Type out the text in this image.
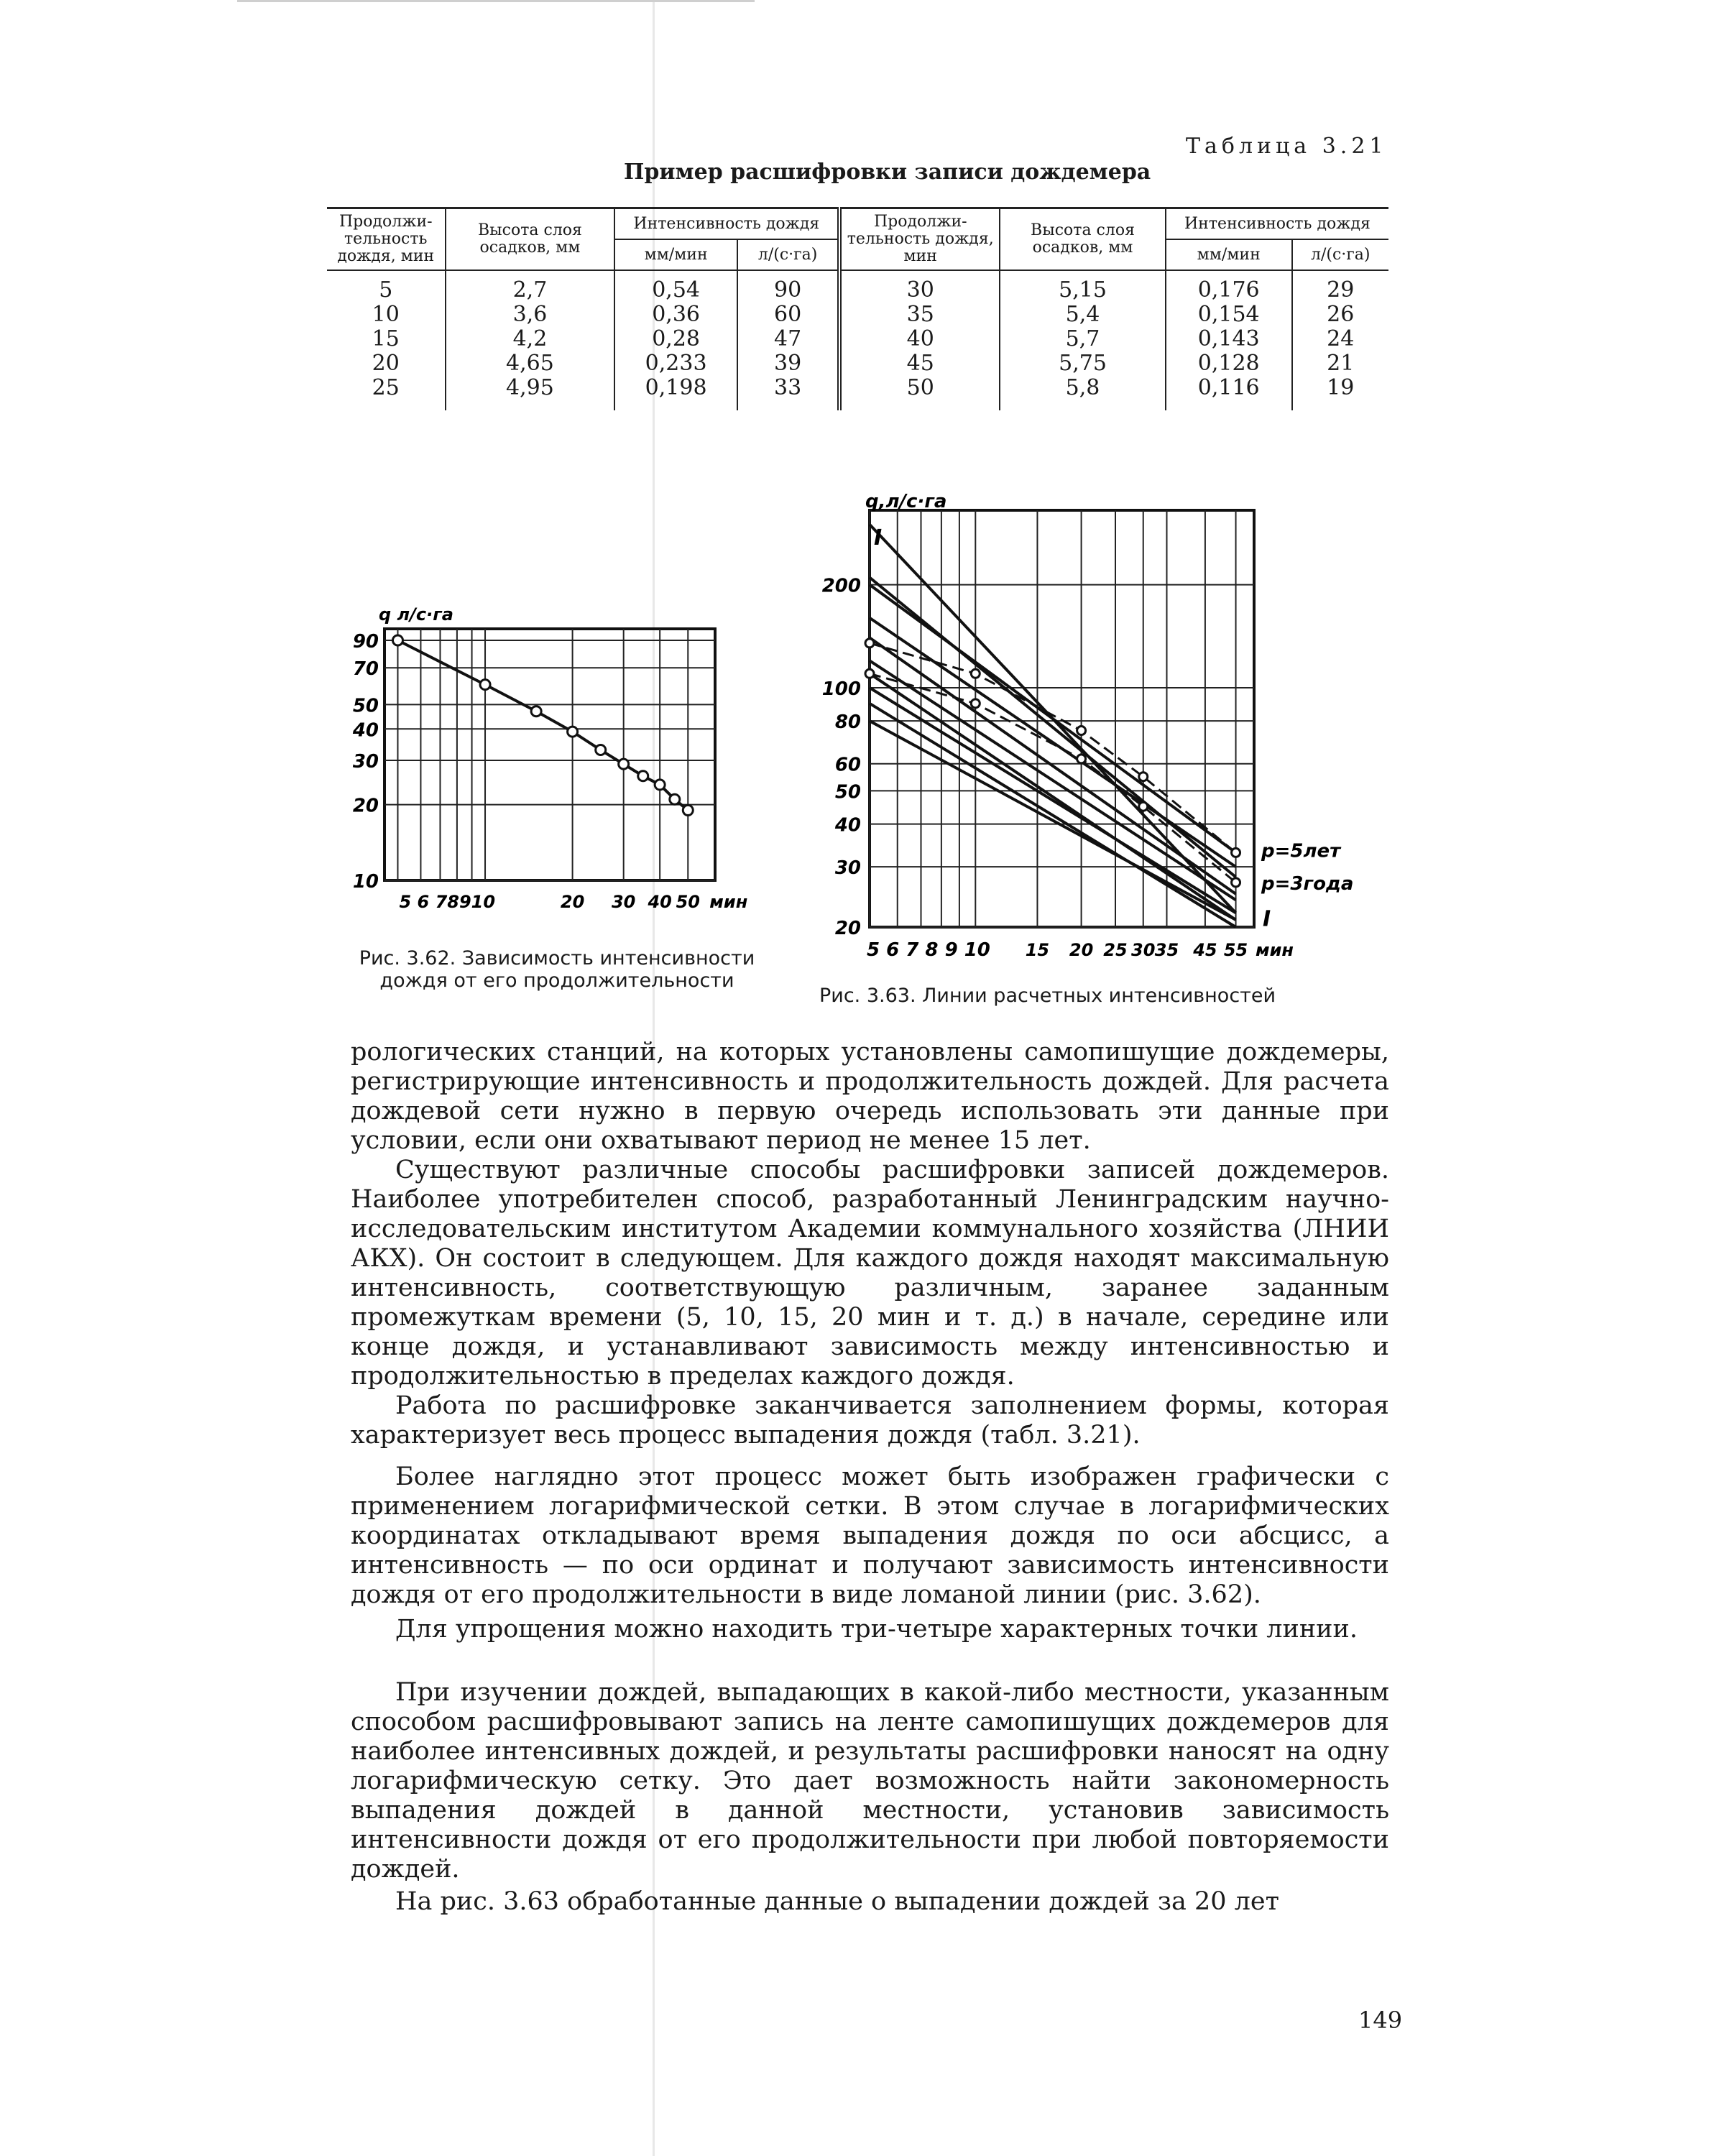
Таблица 3.21
Пример расшифровки записи дождемера
Продолжи-тельность дождя, мин	Высота слоя осадков, мм	Интенсивность дождя		Продолжи-тельность дождя, мин	Высота слоя осадков, мм	Интенсивность дождя	
		мм/мин	л/(с·га)			мм/мин	л/(с·га)
5	2,7	0,54	90	30	5,15	0,176	29
10	3,6	0,36	60	35	5,4	0,154	26
15	4,2	0,28	47	40	5,7	0,143	24
20	4,65	0,233	39	45	5,75	0,128	21
25	4,95	0,198	33	50	5,8	0,116	19
90
70
50
40
30
20
10
q л/с·га
5 6 78910	20 30 40 50 мин
200
100
80
60
50
40
30
20
q,л/с·га
5 6 7 8 9 10 15 20 25 30 35 45 55 мин
I
р=5лет
р=3года
I
Рис. 3.62. Зависимость интенсивности дождя от его продолжительности
Рис. 3.63. Линии расчетных интенсивностей

рологических станций, на которых установлены самопишущие дождемеры, регистрирующие интенсивность и продолжительность дождей. Для расчета дождевой сети нужно в первую очередь использовать эти данные при условии, если они охватывают период не менее 15 лет.

Существуют различные способы расшифровки записей дождемеров. Наиболее употребителен способ, разработанный Ленинградским научно-исследовательским институтом Академии коммунального хозяйства (ЛНИИ АКХ). Он состоит в следующем. Для каждого дождя находят максимальную интенсивность, соответствующую различным, заранее заданным промежуткам времени (5, 10, 15, 20 мин и т. д.) в начале, середине или конце дождя, и устанавливают зависимость между интенсивностью и продолжительностью в пределах каждого дождя.

Работа по расшифровке заканчивается заполнением формы, которая характеризует весь процесс выпадения дождя (табл. 3.21).

Более наглядно этот процесс может быть изображен графически с применением логарифмической сетки. В этом случае в логарифмических координатах откладывают время выпадения дождя по оси абсцисс, а интенсивность — по оси ординат и получают зависимость интенсивности дождя от его продолжительности в виде ломаной линии (рис. 3.62).

Для упрощения можно находить три-четыре характерных точки линии.

При изучении дождей, выпадающих в какой-либо местности, указанным способом расшифровывают запись на ленте самопишущих дождемеров для наиболее интенсивных дождей, и результаты расшифровки наносят на одну логарифмическую сетку. Это дает возможность найти закономерность выпадения дождей в данной местности, установив зависимость интенсивности дождя от его продолжительности при любой повторяемости дождей.

На рис. 3.63 обработанные данные о выпадении дождей за 20 лет

149
